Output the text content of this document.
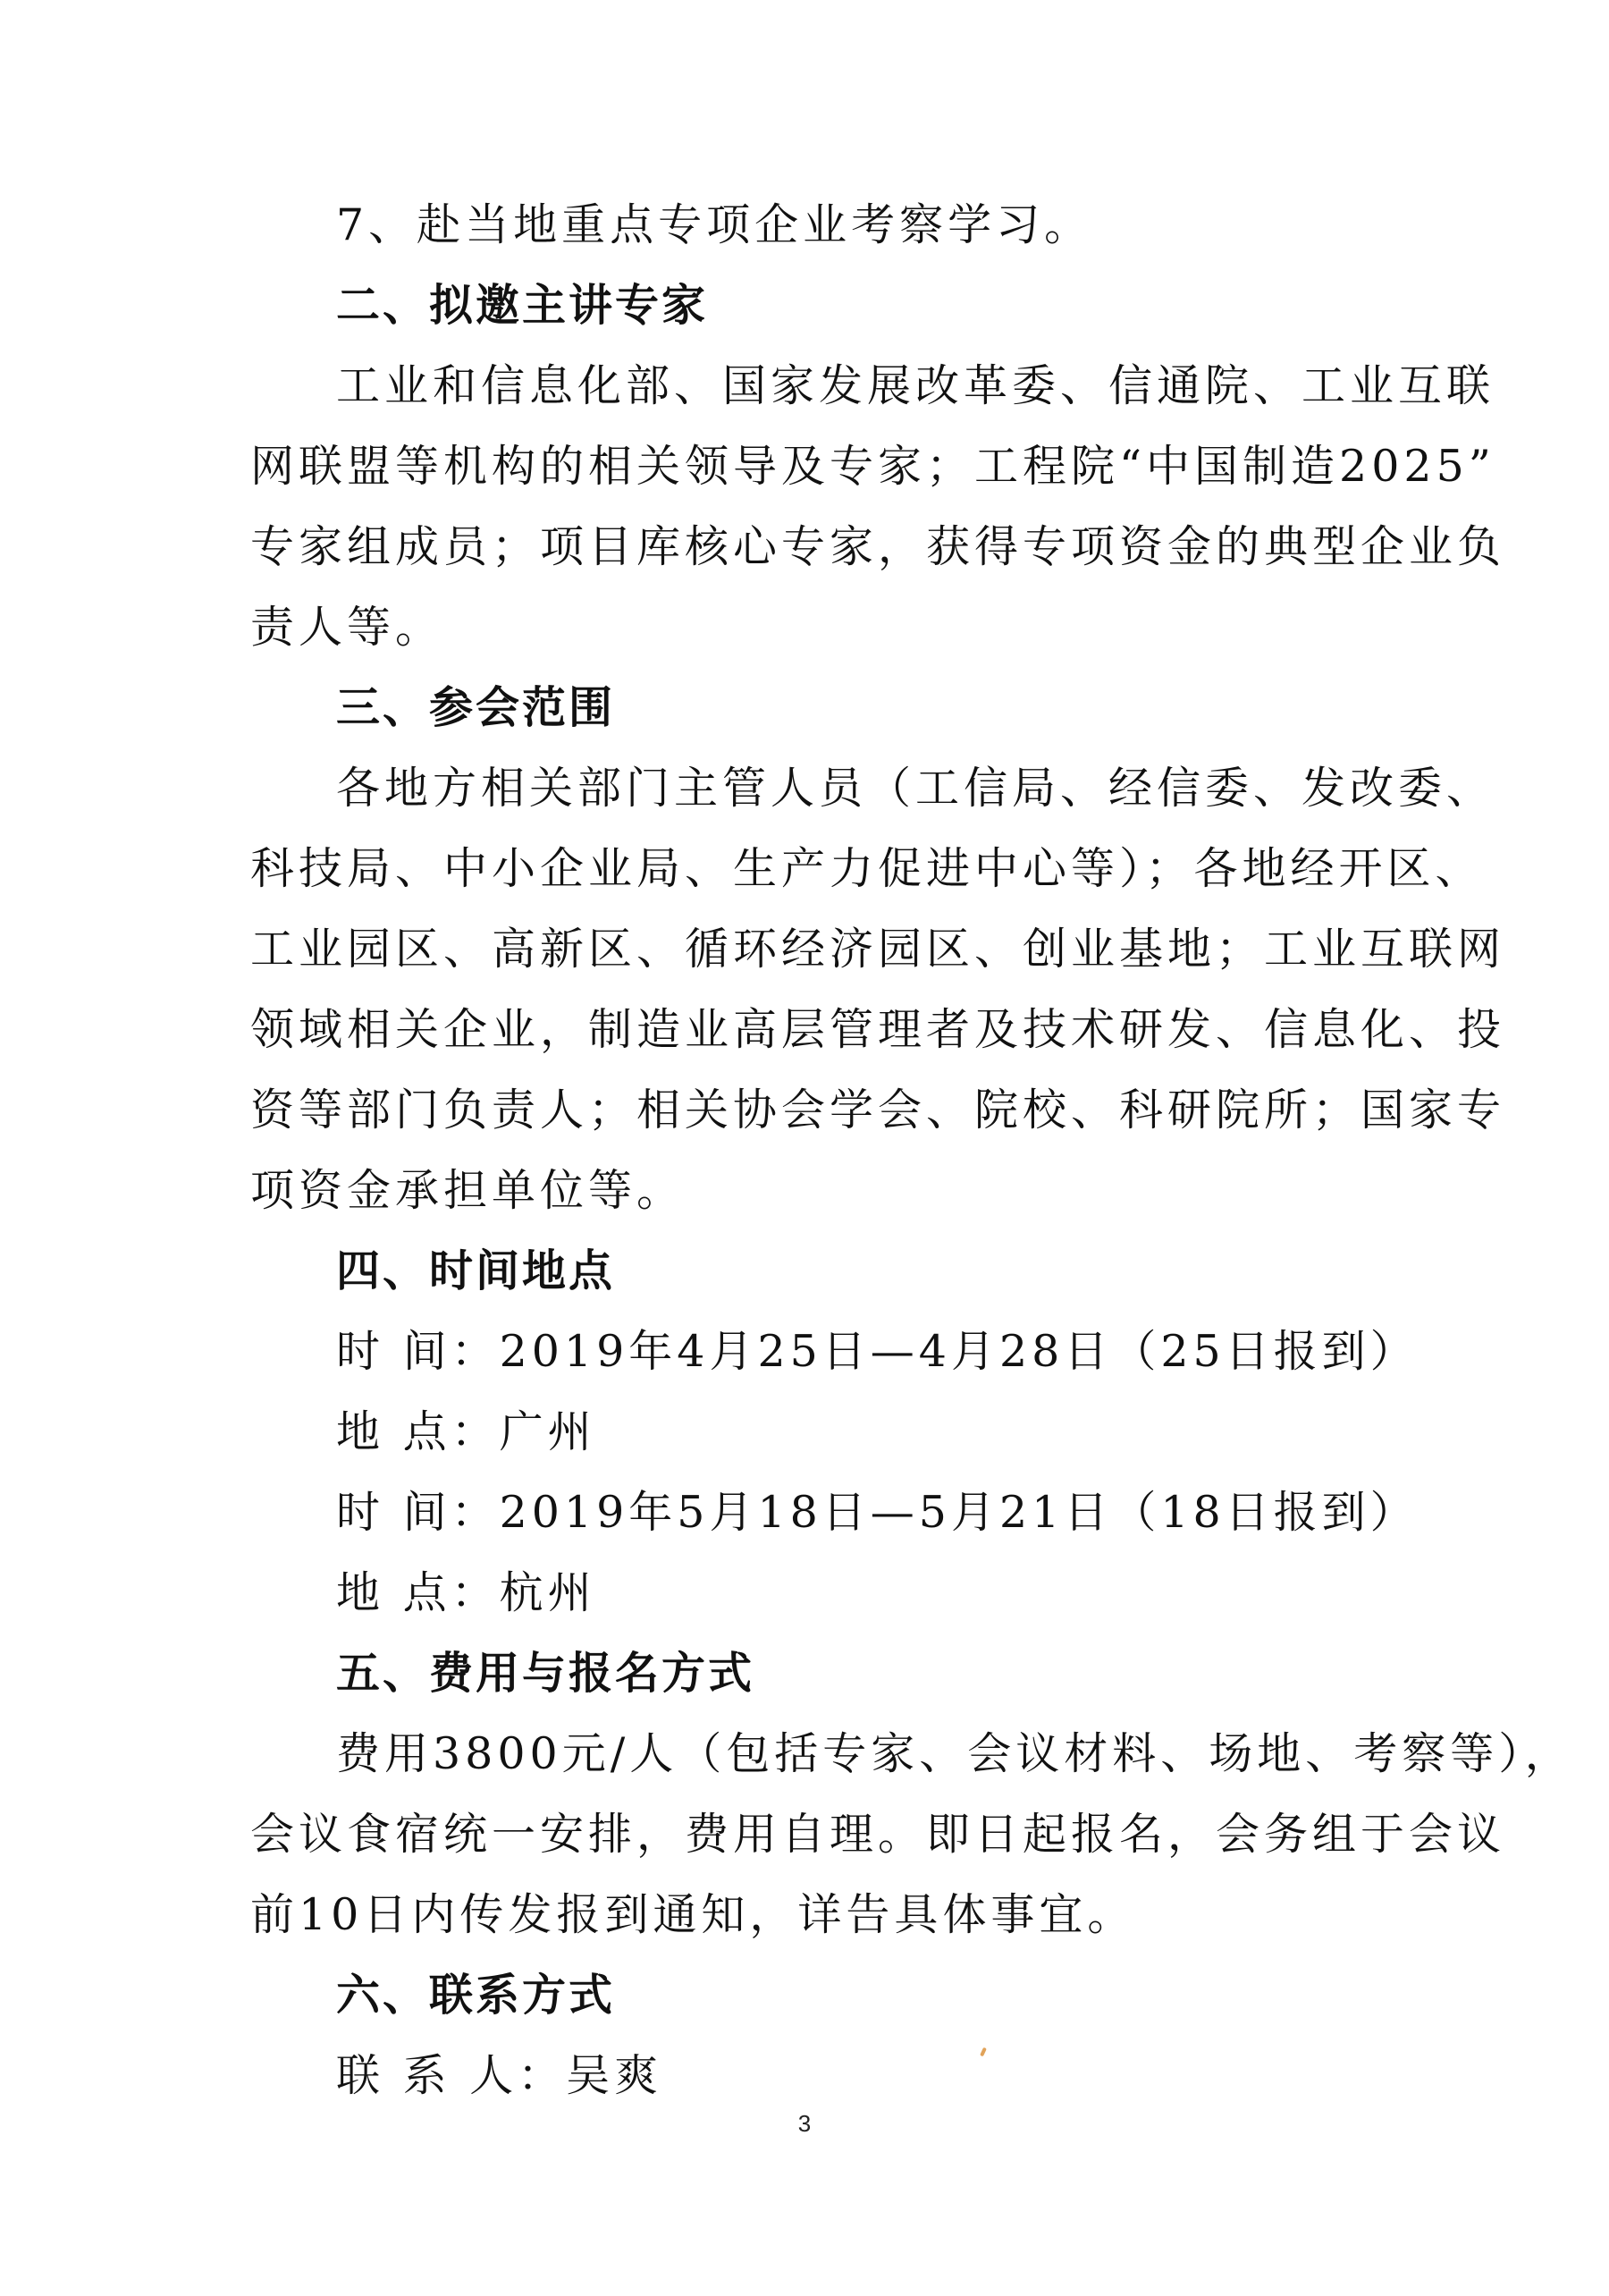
7、赴当地重点专项企业考察学习。
二、拟邀主讲专家
工业和信息化部、国家发展改革委、信通院、工业互联
网联盟等机构的相关领导及专家；工程院“中国制造2025”
专家组成员；项目库核心专家，获得专项资金的典型企业负
责人等。
三、参会范围
各地方相关部门主管人员（工信局、经信委、发改委、
科技局、中小企业局、生产力促进中心等）；各地经开区、
工业园区、高新区、循环经济园区、创业基地；工业互联网
领域相关企业，制造业高层管理者及技术研发、信息化、投
资等部门负责人；相关协会学会、院校、科研院所；国家专
项资金承担单位等。
四、时间地点
时 间：2019年4月25日—4月28日（25日报到）
地 点：广州
时 间：2019年5月18日—5月21日（18日报到）
地 点：杭州
五、费用与报名方式
费用3800元/人（包括专家、会议材料、场地、考察等），
会议食宿统一安排，费用自理。即日起报名，会务组于会议
前10日内传发报到通知，详告具体事宜。
六、联系方式
联 系 人：吴爽
3
